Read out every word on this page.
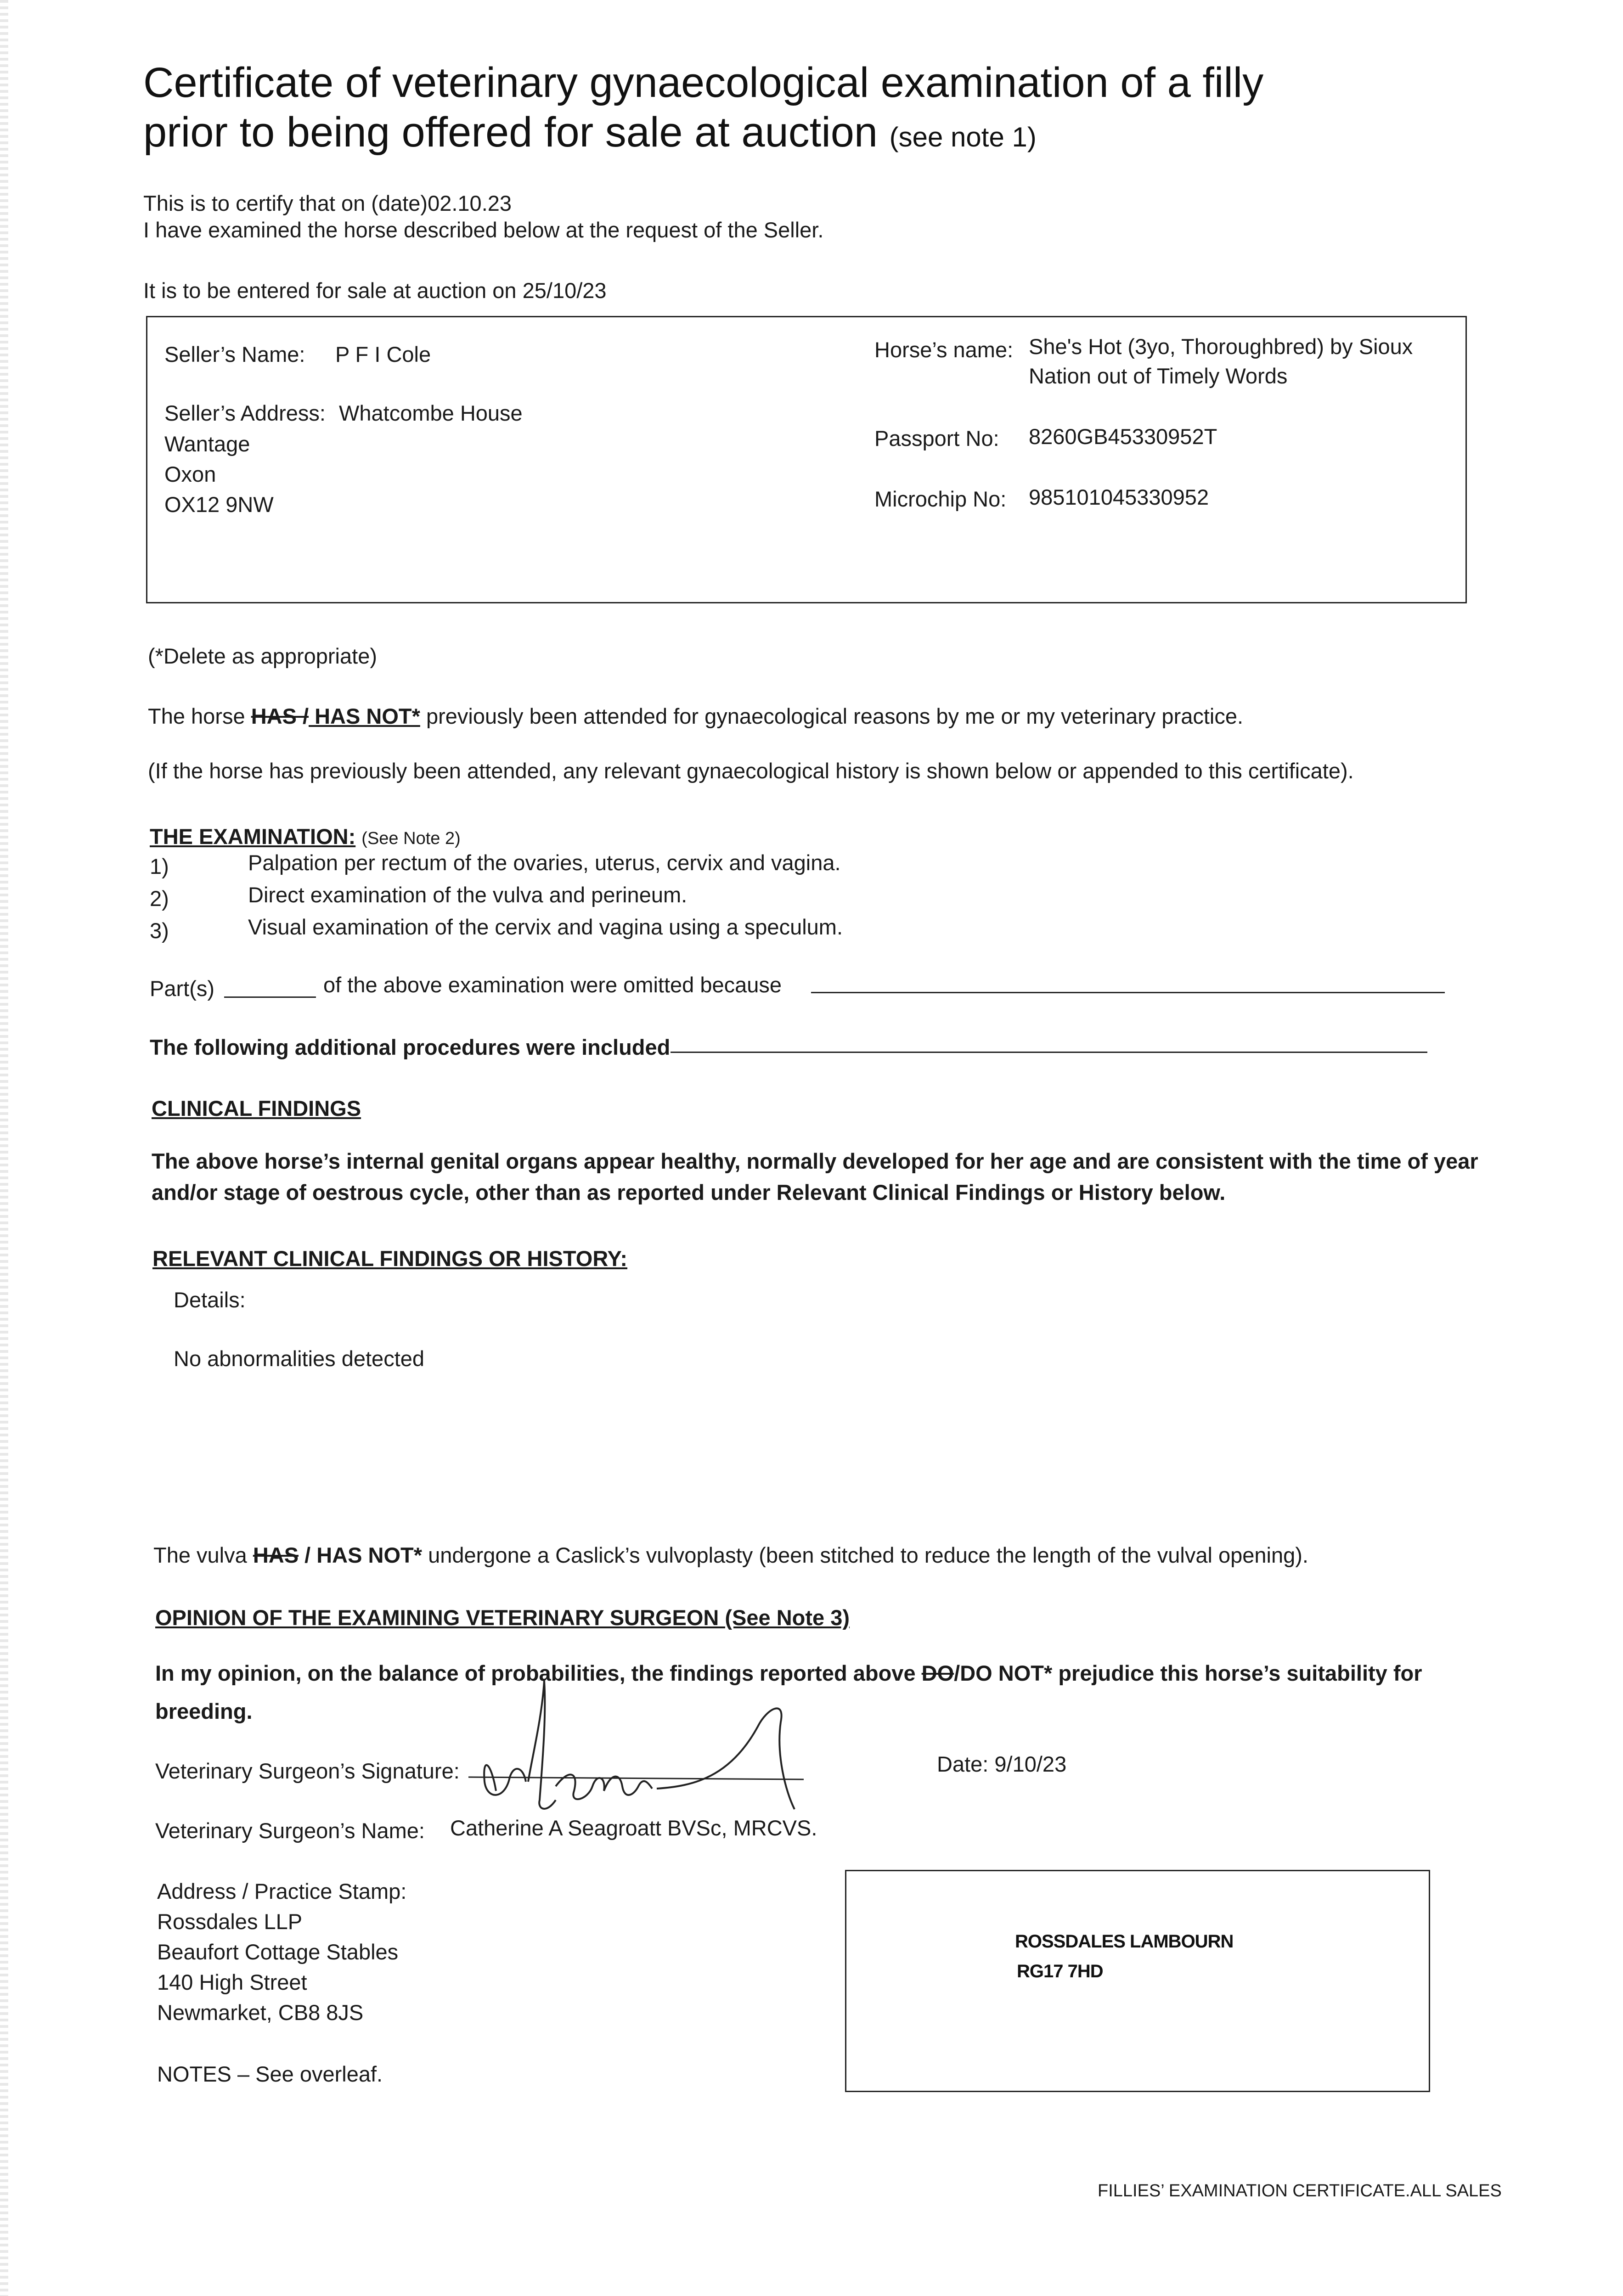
Certificate of veterinary gynaecological examination of a filly
prior to being offered for sale at auction (see note 1)
This is to certify that on (date)02.10.23
I have examined the horse described below at the request of the Seller.
It is to be entered for sale at auction on 25/10/23
Seller’s Name: P F I Cole
Seller’s Address: Whatcombe House
Wantage
Oxon
OX12 9NW
Horse’s name: She's Hot (3yo, Thoroughbred) by Sioux
Nation out of Timely Words
Passport No: 8260GB45330952T
Microchip No: 985101045330952
(*Delete as appropriate)
The horse HAS / HAS NOT* previously been attended for gynaecological reasons by me or my veterinary practice.
(If the horse has previously been attended, any relevant gynaecological history is shown below or appended to this certificate).
THE EXAMINATION: (See Note 2)
1)	Palpation per rectum of the ovaries, uterus, cervix and vagina.
2)	Direct examination of the vulva and perineum.
3)	Visual examination of the cervix and vagina using a speculum.
Part(s)	of the above examination were omitted because
The following additional procedures were included
CLINICAL FINDINGS
The above horse’s internal genital organs appear healthy, normally developed for her age and are consistent with the time of year
and/or stage of oestrous cycle, other than as reported under Relevant Clinical Findings or History below.
RELEVANT CLINICAL FINDINGS OR HISTORY:
Details:
No abnormalities detected
The vulva HAS / HAS NOT* undergone a Caslick’s vulvoplasty (been stitched to reduce the length of the vulval opening).
OPINION OF THE EXAMINING VETERINARY SURGEON (See Note 3)
In my opinion, on the balance of probabilities, the findings reported above DO/DO NOT* prejudice this horse’s suitability for
breeding.
Veterinary Surgeon’s Signature:	Date: 9/10/23
Veterinary Surgeon’s Name: Catherine A Seagroatt BVSc, MRCVS.
Address / Practice Stamp:
Rossdales LLP
Beaufort Cottage Stables
140 High Street
Newmarket, CB8 8JS
NOTES – See overleaf.
ROSSDALES LAMBOURN
RG17 7HD
FILLIES’ EXAMINATION CERTIFICATE.ALL SALES
